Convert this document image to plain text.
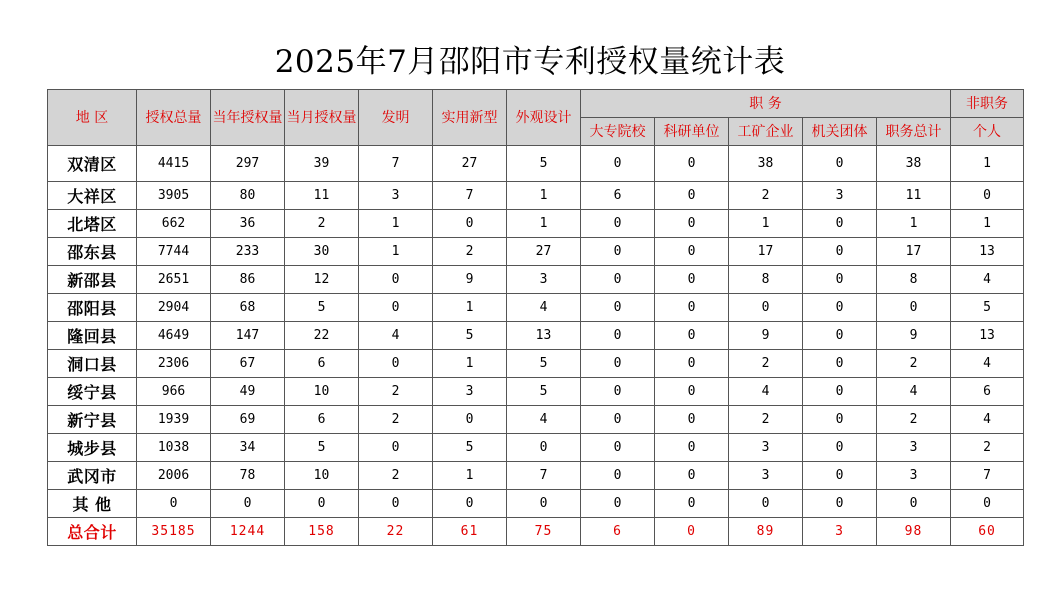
2025年7月邵阳市专利授权量统计表
地 区	授权总量	当年授权量	当月授权量	发明	实用新型	外观设计	职 务					非职务
							大专院校	科研单位	工矿企业	机关团体	职务总计	个人
双清区	4415	297	39	7	27	5	0	0	38	0	38	1
大祥区	3905	80	11	3	7	1	6	0	2	3	11	0
北塔区	662	36	2	1	0	1	0	0	1	0	1	1
邵东县	7744	233	30	1	2	27	0	0	17	0	17	13
新邵县	2651	86	12	0	9	3	0	0	8	0	8	4
邵阳县	2904	68	5	0	1	4	0	0	0	0	0	5
隆回县	4649	147	22	4	5	13	0	0	9	0	9	13
洞口县	2306	67	6	0	1	5	0	0	2	0	2	4
绥宁县	966	49	10	2	3	5	0	0	4	0	4	6
新宁县	1939	69	6	2	0	4	0	0	2	0	2	4
城步县	1038	34	5	0	5	0	0	0	3	0	3	2
武冈市	2006	78	10	2	1	7	0	0	3	0	3	7
其 他	0	0	0	0	0	0	0	0	0	0	0	0
总合计	35185	1244	158	22	61	75	6	0	89	3	98	60
